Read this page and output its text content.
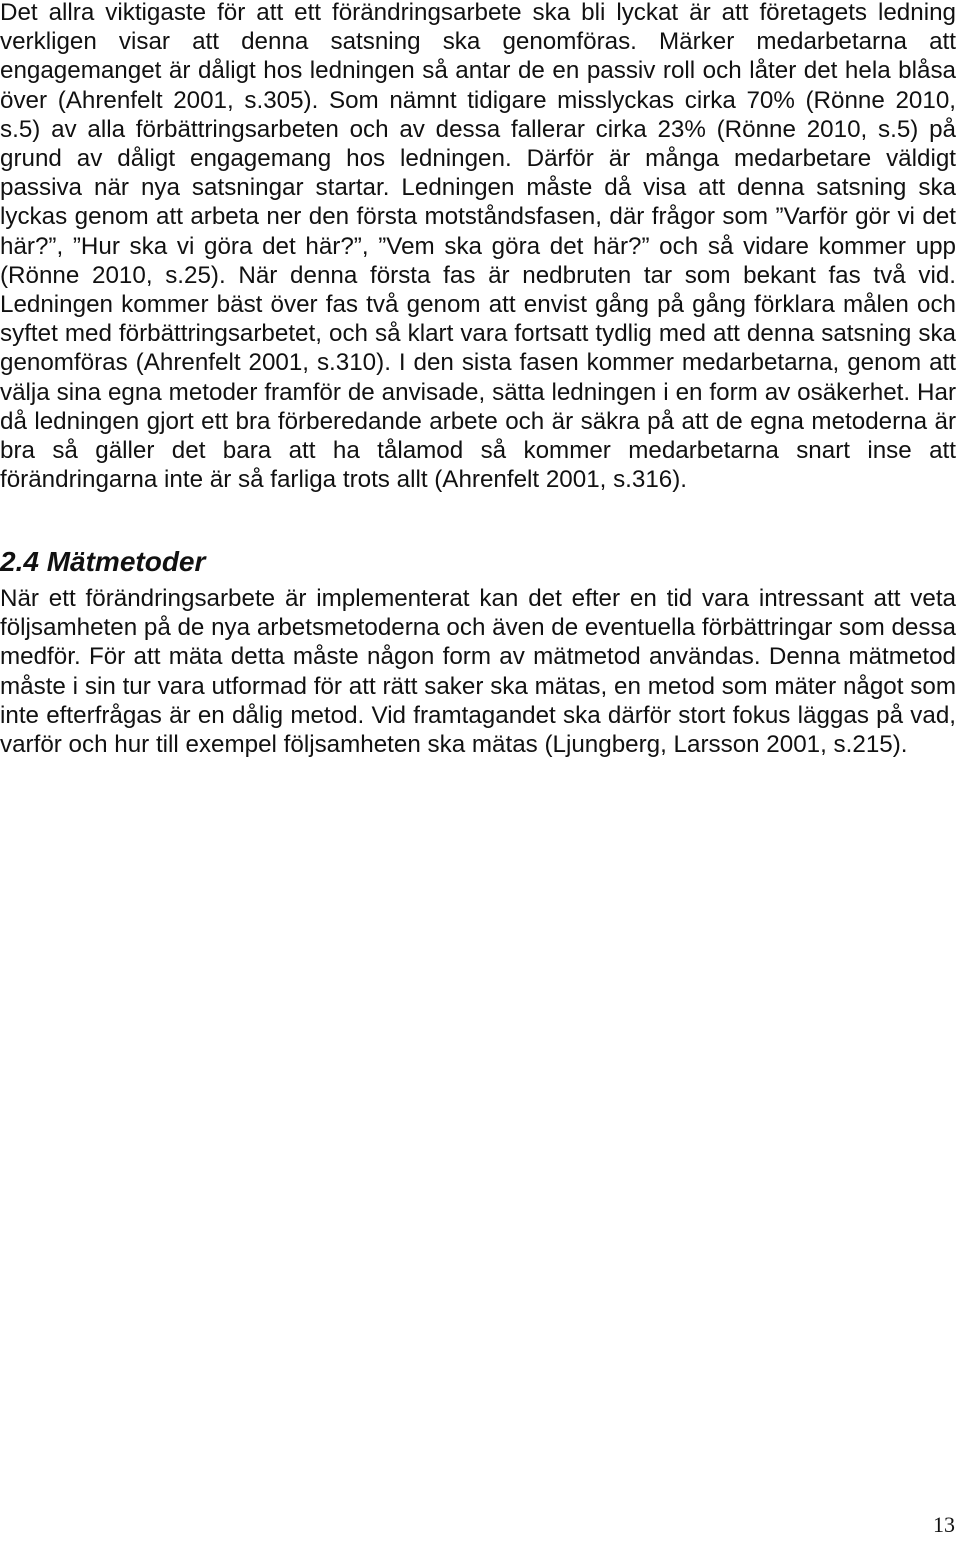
Det allra viktigaste för att ett förändringsarbete ska bli lyckat är att företagets ledning verkligen visar att denna satsning ska genomföras. Märker medarbetarna att engagemanget är dåligt hos ledningen så antar de en passiv roll och låter det hela blåsa över (Ahrenfelt 2001, s.305). Som nämnt tidigare misslyckas cirka 70% (Rönne 2010, s.5) av alla förbättringsarbeten och av dessa fallerar cirka 23% (Rönne 2010, s.5) på grund av dåligt engagemang hos ledningen. Därför är många medarbetare väldigt passiva när nya satsningar startar. Ledningen måste då visa att denna satsning ska lyckas genom att arbeta ner den första motståndsfasen, där frågor som ”Varför gör vi det här?”, ”Hur ska vi göra det här?”, ”Vem ska göra det här?” och så vidare kommer upp (Rönne 2010, s.25). När denna första fas är nedbruten tar som bekant fas två vid. Ledningen kommer bäst över fas två genom att envist gång på gång förklara målen och syftet med förbättringsarbetet, och så klart vara fortsatt tydlig med att denna satsning ska genomföras (Ahrenfelt 2001, s.310). I den sista fasen kommer medarbetarna, genom att välja sina egna metoder framför de anvisade, sätta ledningen i en form av osäkerhet. Har då ledningen gjort ett bra förberedande arbete och är säkra på att de egna metoderna är bra så gäller det bara att ha tålamod så kommer medarbetarna snart inse att förändringarna inte är så farliga trots allt (Ahrenfelt 2001, s.316).

2.4 Mätmetoder

När ett förändringsarbete är implementerat kan det efter en tid vara intressant att veta följsamheten på de nya arbetsmetoderna och även de eventuella förbättringar som dessa medför. För att mäta detta måste någon form av mätmetod användas. Denna mätmetod måste i sin tur vara utformad för att rätt saker ska mätas, en metod som mäter något som inte efterfrågas är en dålig metod. Vid framtagandet ska därför stort fokus läggas på vad, varför och hur till exempel följsamheten ska mätas (Ljungberg, Larsson 2001, s.215).

13
